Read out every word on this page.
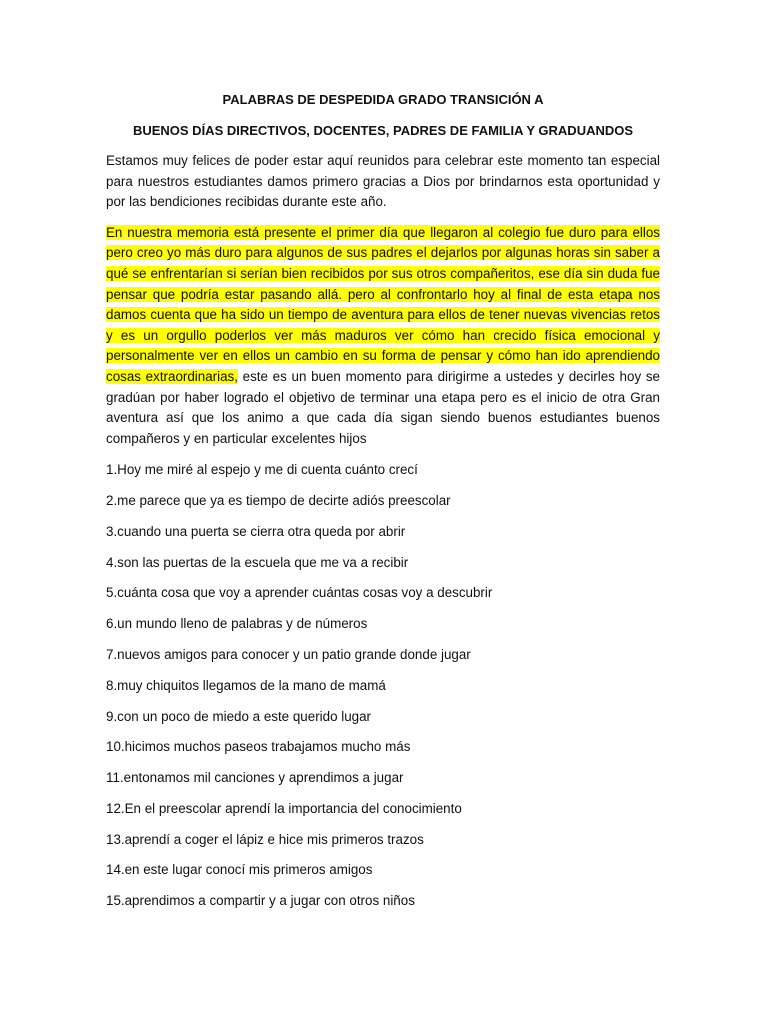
PALABRAS DE DESPEDIDA GRADO TRANSICIÓN A

BUENOS DÍAS DIRECTIVOS, DOCENTES, PADRES DE FAMILIA Y GRADUANDOS

Estamos muy felices de poder estar aquí reunidos para celebrar este momento tan especial para nuestros estudiantes damos primero gracias a Dios por brindarnos esta oportunidad y por las bendiciones recibidas durante este año.

En nuestra memoria está presente el primer día que llegaron al colegio fue duro para ellos pero creo yo más duro para algunos de sus padres el dejarlos por algunas horas sin saber a qué se enfrentarían si serían bien recibidos por sus otros compañeritos, ese día sin duda fue pensar que podría estar pasando allá. pero al confrontarlo hoy al final de esta etapa nos damos cuenta que ha sido un tiempo de aventura para ellos de tener nuevas vivencias retos y es un orgullo poderlos ver más maduros ver cómo han crecido física emocional y personalmente ver en ellos un cambio en su forma de pensar y cómo han ido aprendiendo cosas extraordinarias, este es un buen momento para dirigirme a ustedes y decirles hoy se gradúan por haber logrado el objetivo de terminar una etapa pero es el inicio de otra Gran aventura así que los animo a que cada día sigan siendo buenos estudiantes buenos compañeros y en particular excelentes hijos

1.Hoy me miré al espejo y me di cuenta cuánto crecí
2.me parece que ya es tiempo de decirte adiós preescolar
3.cuando una puerta se cierra otra queda por abrir
4.son las puertas de la escuela que me va a recibir
5.cuánta cosa que voy a aprender cuántas cosas voy a descubrir
6.un mundo lleno de palabras y de números
7.nuevos amigos para conocer y un patio grande donde jugar
8.muy chiquitos llegamos de la mano de mamá
9.con un poco de miedo a este querido lugar
10.hicimos muchos paseos trabajamos mucho más
11.entonamos mil canciones y aprendimos a jugar
12.En el preescolar aprendí la importancia del conocimiento
13.aprendí a coger el lápiz e hice mis primeros trazos
14.en este lugar conocí mis primeros amigos
15.aprendimos a compartir y a jugar con otros niños
